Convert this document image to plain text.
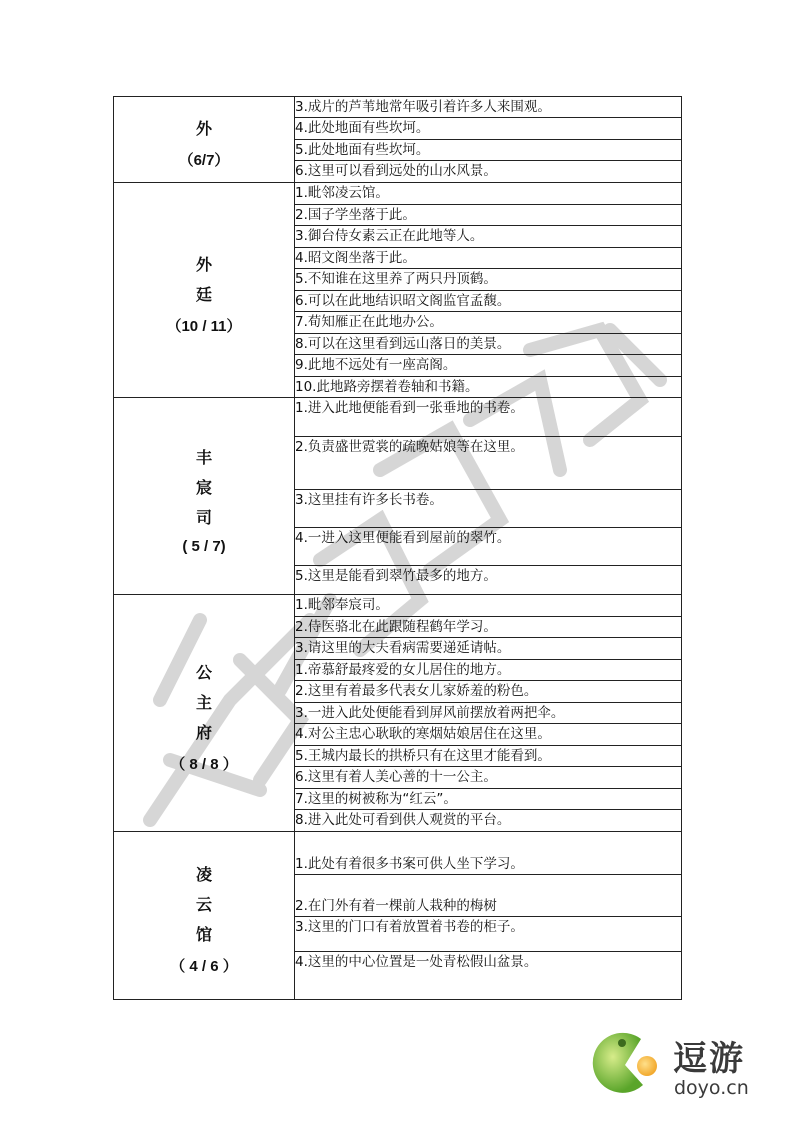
外
（6/7）	3.成片的芦苇地常年吸引着许多人来围观。
	4.此处地面有些坎坷。
	5.此处地面有些坎坷。
	6.这里可以看到远处的山水风景。

外
廷
（10 / 11）	1.毗邻凌云馆。
	2.国子学坐落于此。
	3.御台侍女素云正在此地等人。
	4.昭文阁坐落于此。
	5.不知谁在这里养了两只丹顶鹤。
	6.可以在此地结识昭文阁监官孟馥。
	7.荀知雁正在此地办公。
	8.可以在这里看到远山落日的美景。
	9.此地不远处有一座高阁。
	10.此地路旁摆着卷轴和书籍。

丰
宸
司
( 5 / 7)	1.进入此地便能看到一张垂地的书卷。
	2.负责盛世霓裳的疏晚姑娘等在这里。
	3.这里挂有许多长书卷。
	4.一进入这里便能看到屋前的翠竹。
	5.这里是能看到翠竹最多的地方。

公
主
府
（ 8 / 8 ）	1.毗邻奉宸司。
	2.侍医骆北在此跟随程鹤年学习。
	3.请这里的大夫看病需要递延请帖。
	1.帝慕舒最疼爱的女儿居住的地方。
	2.这里有着最多代表女儿家娇羞的粉色。
	3.一进入此处便能看到屏风前摆放着两把伞。
	4.对公主忠心耿耿的寒烟姑娘居住在这里。
	5.王城内最长的拱桥只有在这里才能看到。
	6.这里有着人美心善的十一公主。
	7.这里的树被称为“红云”。
	8.进入此处可看到供人观赏的平台。

凌
云
馆
（ 4 / 6 ）	1.此处有着很多书案可供人坐下学习。
	2.在门外有着一棵前人栽种的梅树
	3.这里的门口有着放置着书卷的柜子。
	4.这里的中心位置是一处青松假山盆景。
逗游
doyo.cn
